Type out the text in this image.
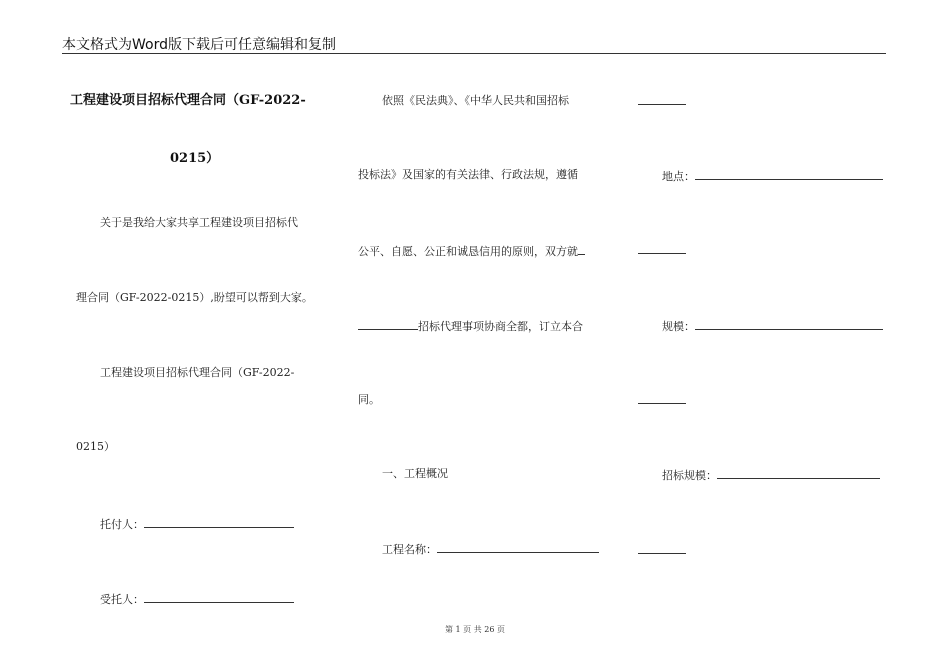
本文格式为Word版下载后可任意编辑和复制
工程建设项目招标代理合同（GF-2022-
0215）
关于是我给大家共享工程建设项目招标代
理合同（GF-2022-0215）,盼望可以帮到大家。
工程建设项目招标代理合同（GF-2022-
0215）
托付人：
受托人：
依照《民法典》、《中华人民共和国招标
投标法》及国家的有关法律、行政法规，遵循
公平、自愿、公正和诚恳信用的原则，双方就
招标代理事项协商全都，订立本合
同。
一、工程概况
工程名称：
地点：
规模：
招标规模：
第 1 页 共 26 页
